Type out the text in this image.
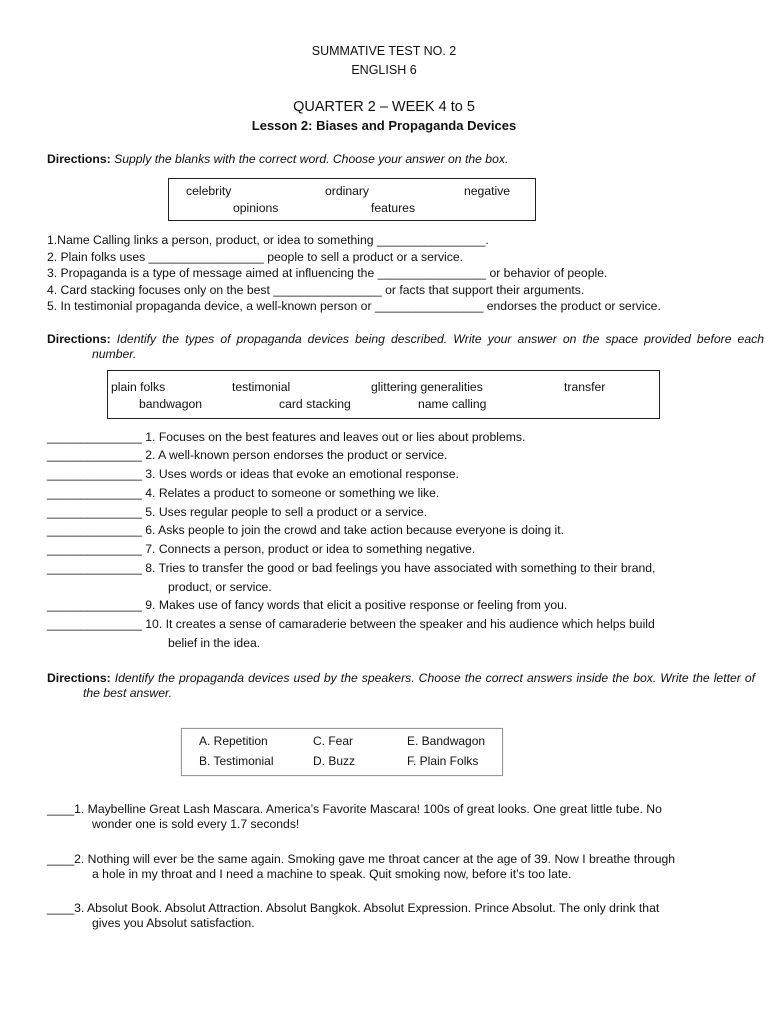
SUMMATIVE TEST NO. 2
ENGLISH 6
QUARTER 2 – WEEK 4 to 5
Lesson 2: Biases and Propaganda Devices
Directions: Supply the blanks with the correct word. Choose your answer on the box.
celebrity	ordinary	negative
opinions	features
1.Name Calling links a person, product, or idea to something ________________.
2. Plain folks uses _________________ people to sell a product or a service.
3. Propaganda is a type of message aimed at influencing the ________________ or behavior of people.
4. Card stacking focuses only on the best ________________ or facts that support their arguments.
5. In testimonial propaganda device, a well-known person or ________________ endorses the product or service.
Directions: Identify the types of propaganda devices being described. Write your answer on the space provided before each number.
plain folks	testimonial	glittering generalities	transfer
bandwagon	card stacking	name calling
______________ 1. Focuses on the best features and leaves out or lies about problems.
______________ 2. A well-known person endorses the product or service.
______________ 3. Uses words or ideas that evoke an emotional response.
______________ 4. Relates a product to someone or something we like.
______________ 5. Uses regular people to sell a product or a service.
______________ 6. Asks people to join the crowd and take action because everyone is doing it.
______________ 7. Connects a person, product or idea to something negative.
______________ 8. Tries to transfer the good or bad feelings you have associated with something to their brand,
product, or service.
______________ 9. Makes use of fancy words that elicit a positive response or feeling from you.
______________ 10. It creates a sense of camaraderie between the speaker and his audience which helps build
belief in the idea.
Directions: Identify the propaganda devices used by the speakers. Choose the correct answers inside the box. Write the letter of the best answer.
A. Repetition	C. Fear	E. Bandwagon
B. Testimonial	D. Buzz	F. Plain Folks
____1. Maybelline Great Lash Mascara. America’s Favorite Mascara! 100s of great looks. One great little tube. No
wonder one is sold every 1.7 seconds!
____2. Nothing will ever be the same again. Smoking gave me throat cancer at the age of 39. Now I breathe through
a hole in my throat and I need a machine to speak. Quit smoking now, before it’s too late.
____3. Absolut Book. Absolut Attraction. Absolut Bangkok. Absolut Expression. Prince Absolut. The only drink that
gives you Absolut satisfaction.
